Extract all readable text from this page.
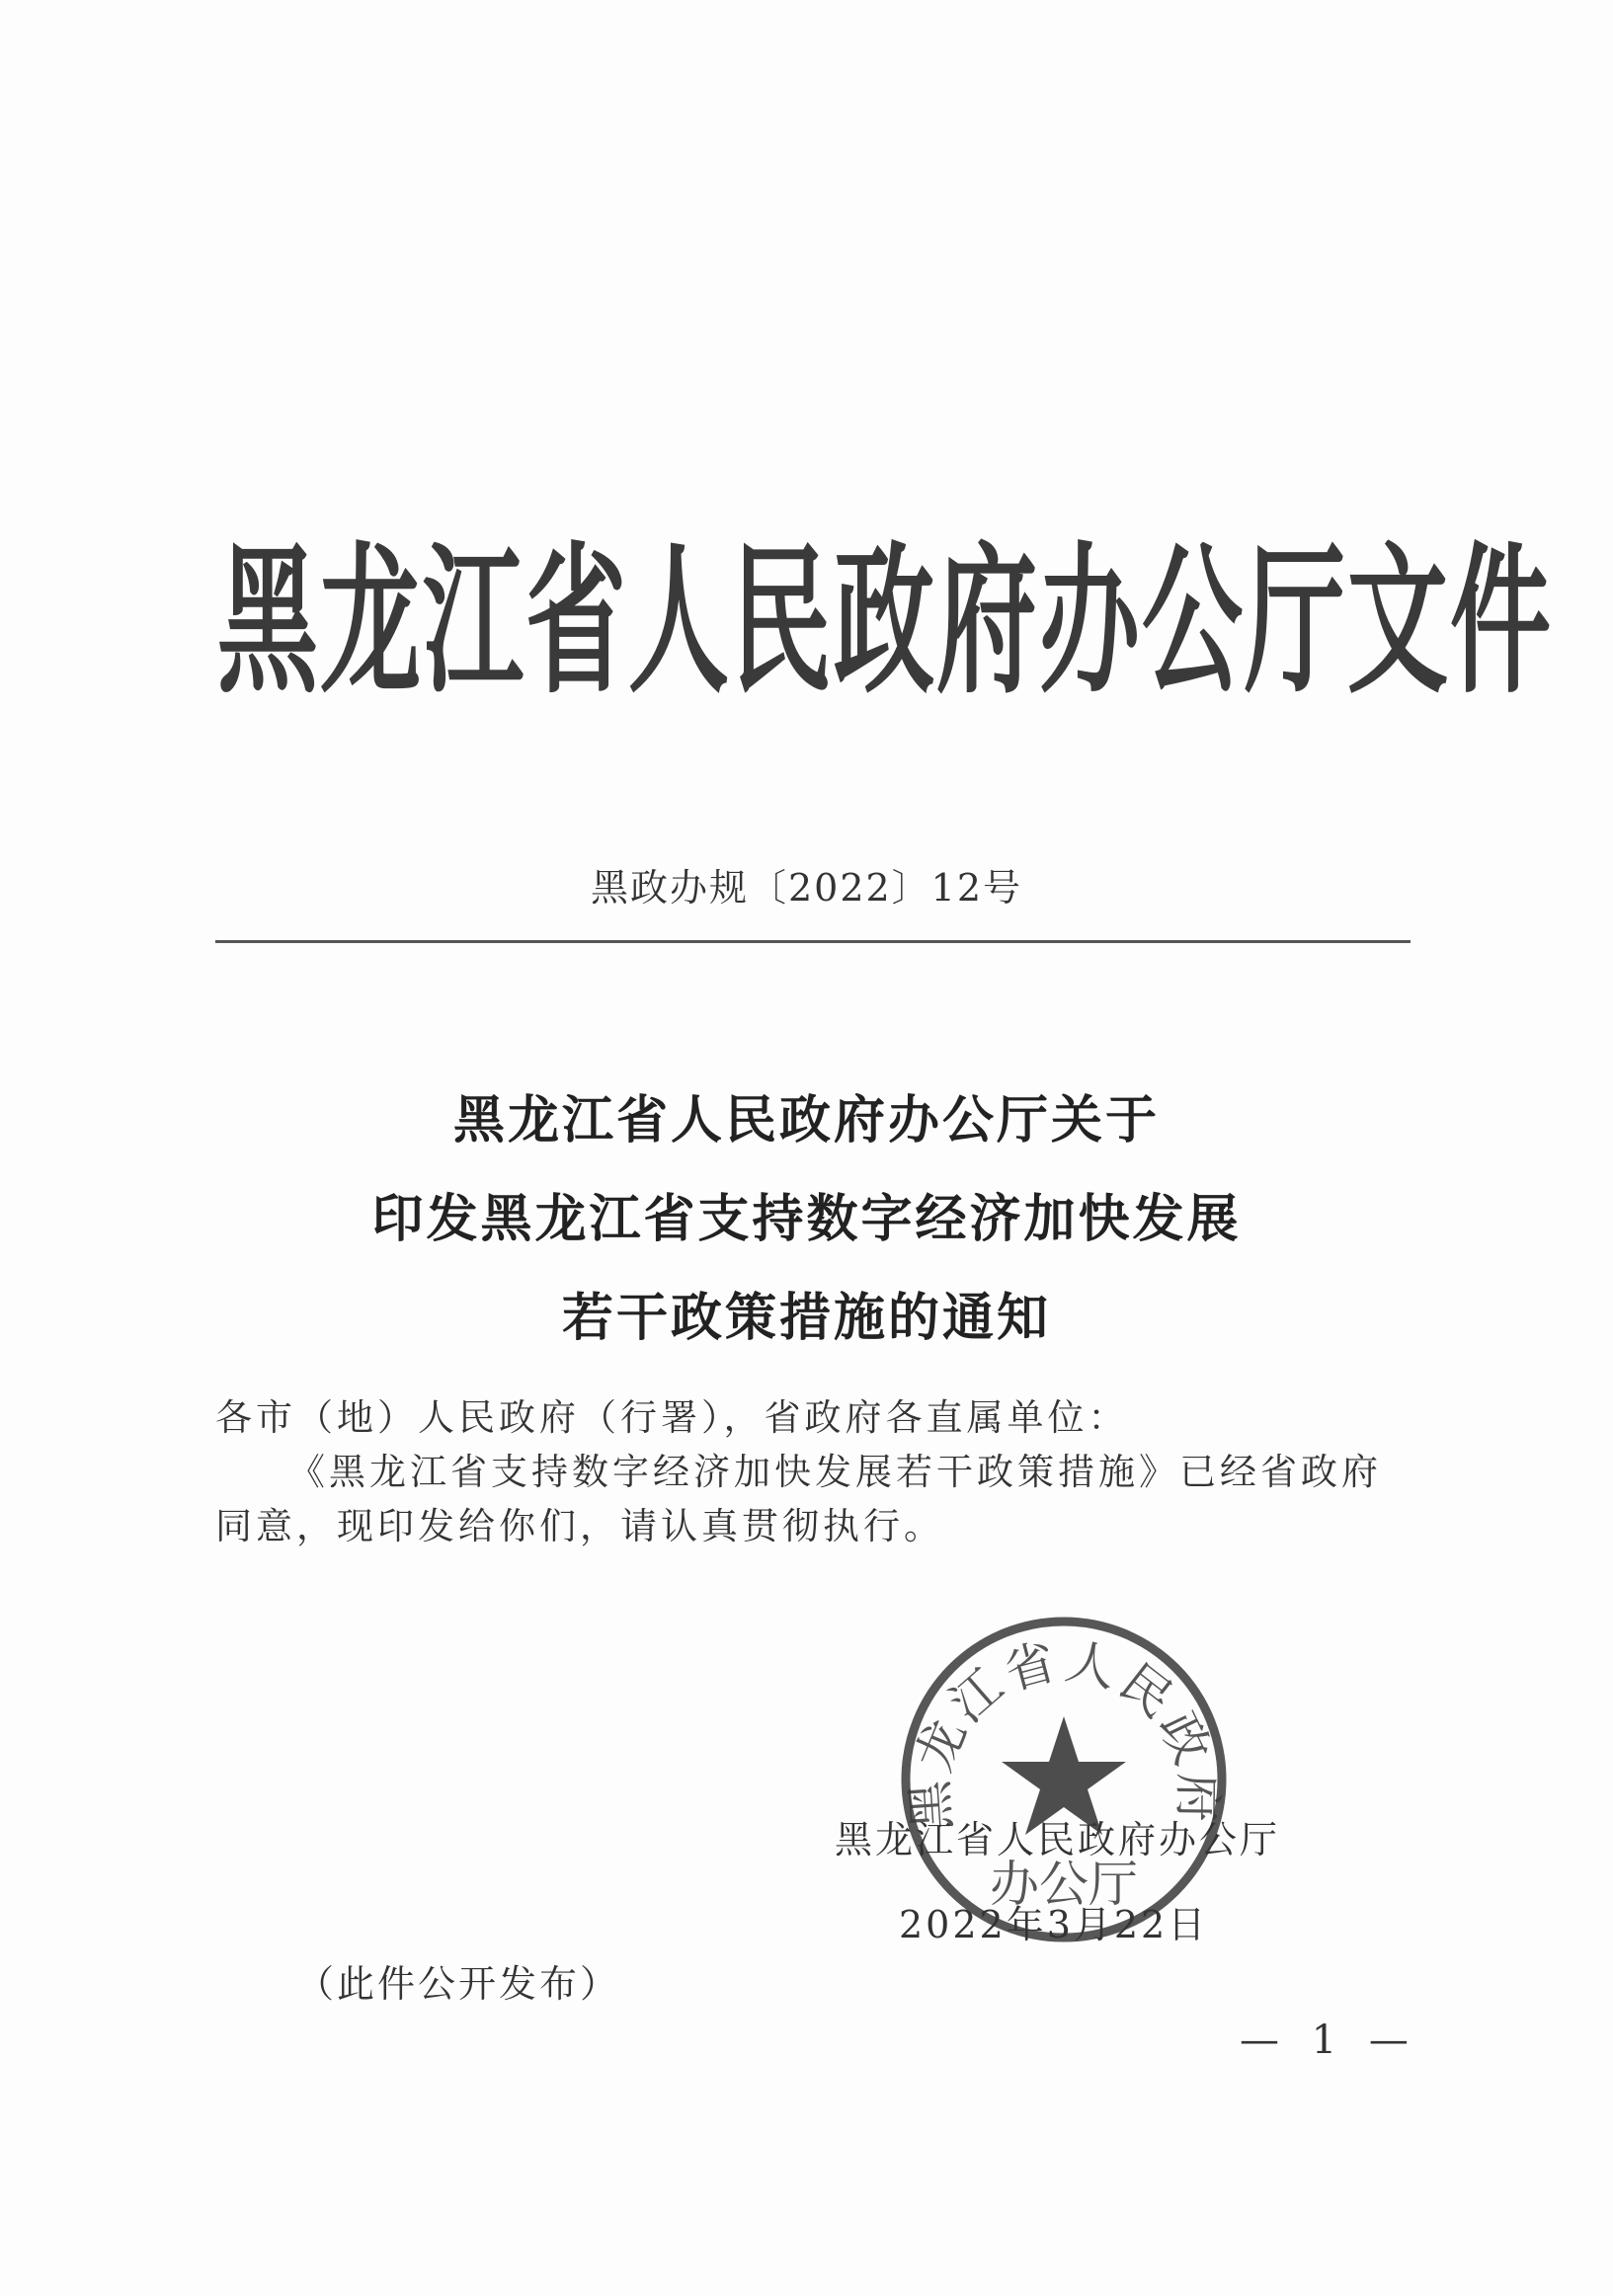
黑龙江省人民政府办公厅文件
黑政办规〔2022〕12号
黑龙江省人民政府办公厅关于
印发黑龙江省支持数字经济加快发展
若干政策措施的通知

各市（地）人民政府（行署），省政府各直属单位：

《黑龙江省支持数字经济加快发展若干政策措施》已经省政府同意，现印发给你们，请认真贯彻执行。

黑龙江省人民政府
办公厅
黑龙江省人民政府办公厅
2022年3月22日
（此件公开发布）
— 1 —
